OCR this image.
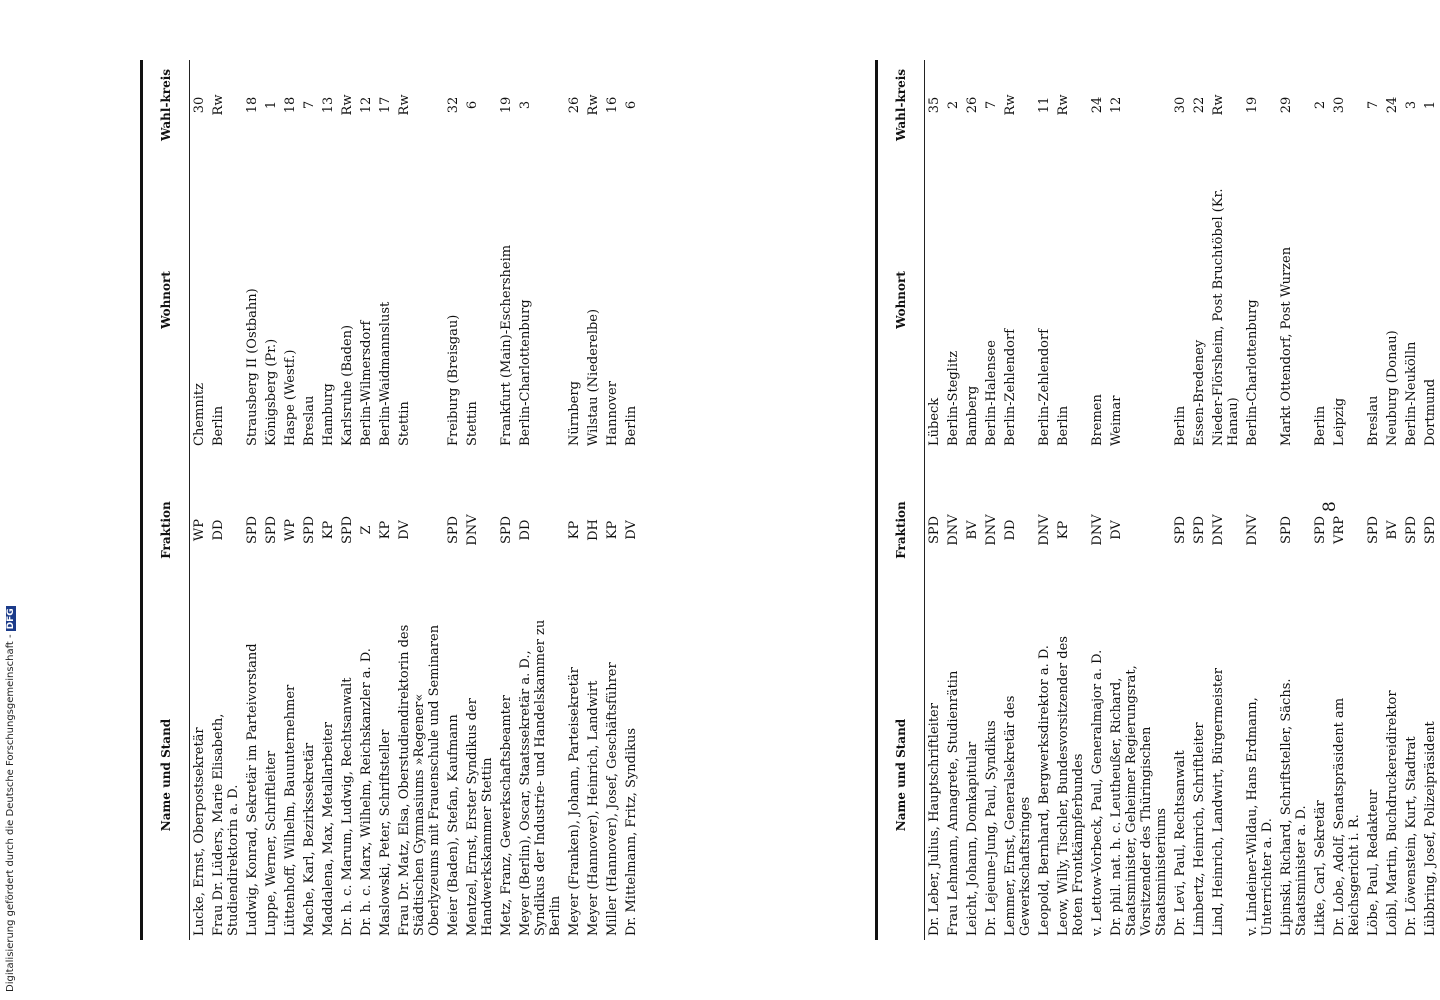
8
Name und Stand
Fraktion
Wohnort
Wahl-kreis
Dr. Leber, Julius, Hauptschriftleiter
SPD
Lübeck
35
Frau Lehmann, Annagrete, Studienrätin
DNV
Berlin-Steglitz
2
Leicht, Johann, Domkapitular
BV
Bamberg
26
Dr. Lejeune-Jung, Paul, Syndikus
DNV
Berlin-Halensee
7
Lemmer, Ernst, Generalsekretär des Gewerkschaftsringes
DD
Berlin-Zehlendorf
Rw
Leopold, Bernhard, Bergwerksdirektor a. D.
DNV
Berlin-Zehlendorf
11
Leow, Willy, Tischler, Bundesvorsitzender des Roten Frontkämpferbundes
KP
Berlin
Rw
v. Lettow-Vorbeck, Paul, Generalmajor a. D.
DNV
Bremen
24
Dr. phil. nat. h. c. Leutheußer, Richard, Staatsminister, Geheimer Regierungsrat, Vorsitzender des Thüringischen Staatsministeriums
DV
Weimar
12
Dr. Levi, Paul, Rechtsanwalt
SPD
Berlin
30
Limbertz, Heinrich, Schriftleiter
SPD
Essen-Bredeney
22
Lind, Heinrich, Landwirt, Bürgermeister
DNV
Nieder-Flörsheim, Post Bruchtöbel (Kr. Hanau)
Rw
v. Lindeiner-Wildau, Hans Erdmann, Unterrichter a. D.
DNV
Berlin-Charlottenburg
19
Lipinski, Richard, Schriftsteller, Sächs. Staatsminister a. D.
SPD
Markt Ottendorf, Post Wurzen
29
Litke, Carl, Sekretär
SPD
Berlin
2
Dr. Lobe, Adolf, Senatspräsident am Reichsgericht i. R.
VRP
Leipzig
30
Löbe, Paul, Redakteur
SPD
Breslau
7
Loibl, Martin, Buchdruckereidirektor
BV
Neuburg (Donau)
24
Dr. Löwenstein, Kurt, Stadtrat
SPD
Berlin-Neukölln
3
Lübbring, Josef, Polizeipräsident
SPD
Dortmund
1
Name und Stand
Fraktion
Wohnort
Wahl-kreis
Lucke, Ernst, Oberpostsekretär
WP
Chemnitz
30
Frau Dr. Lüders, Marie Elisabeth, Studiendirektorin a. D.
DD
Berlin
Rw
Ludwig, Konrad, Sekretär im Parteivorstand
SPD
Strausberg II (Ostbahn)
18
Luppe, Werner, Schriftleiter
SPD
Königsberg (Pr.)
1
Lüttenhoff, Wilhelm, Bauunternehmer
WP
Haspe (Westf.)
18
Mache, Karl, Bezirkssekretär
SPD
Breslau
7
Maddalena, Max, Metallarbeiter
KP
Hamburg
13
Dr. h. c. Marum, Ludwig, Rechtsanwalt
SPD
Karlsruhe (Baden)
Rw
Dr. h. c. Marx, Wilhelm, Reichskanzler a. D.
Z
Berlin-Wilmersdorf
12
Maslowski, Peter, Schriftsteller
KP
Berlin-Waidmannslust
17
Frau Dr. Matz, Elsa, Oberstudiendirektorin des Städtischen Gymnasiums »Regener« Oberlyzeums mit Frauenschule und Seminaren
DV
Stettin
Rw
Meier (Baden), Stefan, Kaufmann
SPD
Freiburg (Breisgau)
32
Mentzel, Ernst, Erster Syndikus der Handwerkskammer Stettin
DNV
Stettin
6
Metz, Franz, Gewerkschaftsbeamter
SPD
Frankfurt (Main)-Eschersheim
19
Meyer (Berlin), Oscar, Staatssekretär a. D., Syndikus der Industrie- und Handelskammer zu Berlin
DD
Berlin-Charlottenburg
3
Meyer (Franken), Johann, Parteisekretär
KP
Nürnberg
26
Meyer (Hannover), Heinrich, Landwirt
DH
Wilstau (Niederelbe)
Rw
Miller (Hannover), Josef, Geschäftsführer
KP
Hannover
16
Dr. Mittelmann, Fritz, Syndikus
DV
Berlin
6
Digitalisierung gefördert durch die Deutsche Forschungsgemeinschaft -DFG
